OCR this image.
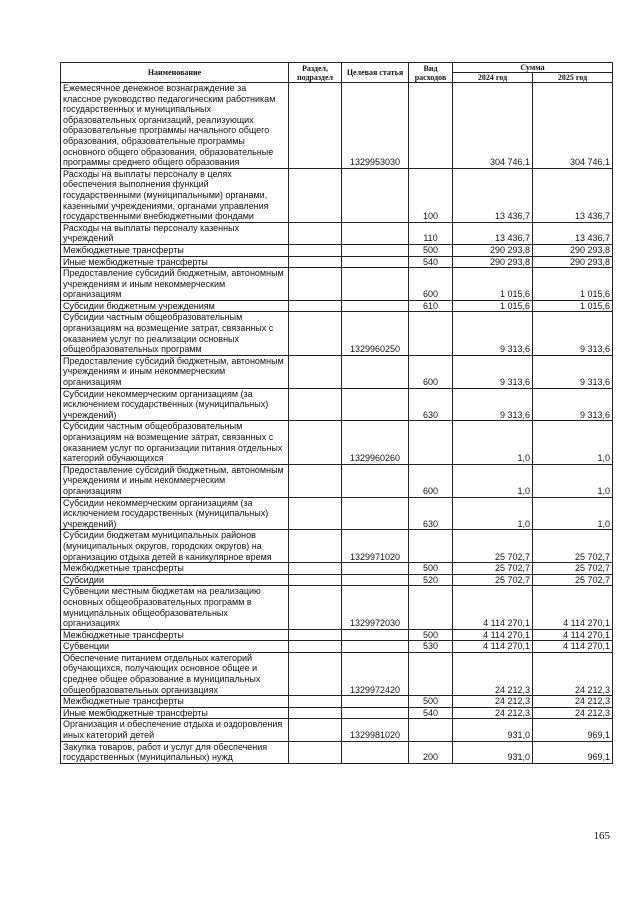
Наименование	Раздел, подраздел	Целевая статья	Вид расходов	Сумма	
				2024 год	2025 год
Ежемесячное денежное вознаграждение за классное руководство педагогическим работникам государственных и муниципальных образовательных организаций, реализующих образовательные программы начального общего образования, образовательные программы основного общего образования, образовательные программы среднего общего образования		1329953030		304 746,1	304 746,1
Расходы на выплаты персоналу в целях обеспечения выполнения функций государственными (муниципальными) органами, казенными учреждениями, органами управления государственными внебюджетными фондами			100	13 436,7	13 436,7
Расходы на выплаты персоналу казенных учреждений			110	13 436,7	13 436,7
Межбюджетные трансферты			500	290 293,8	290 293,8
Иные межбюджетные трансферты			540	290 293,8	290 293,8
Предоставление субсидий бюджетным, автономным учреждениям и иным некоммерческим организациям			600	1 015,6	1 015,6
Субсидии бюджетным учреждениям			610	1 015,6	1 015,6
Субсидии частным общеобразовательным организациям на возмещение затрат, связанных с оказанием услуг по реализации основных общеобразовательных программ		1329960250		9 313,6	9 313,6
Предоставление субсидий бюджетным, автономным учреждениям и иным некоммерческим организациям			600	9 313,6	9 313,6
Субсидии некоммерческим организациям (за исключением государственных (муниципальных) учреждений)			630	9 313,6	9 313,6
Субсидии частным общеобразовательным организациям на возмещение затрат, связанных с оказанием услуг по организации питания отдельных категорий обучающихся		1329960260		1,0	1,0
Предоставление субсидий бюджетным, автономным учреждениям и иным некоммерческим организациям			600	1,0	1,0
Субсидии некоммерческим организациям (за исключением государственных (муниципальных) учреждений)			630	1,0	1,0
Субсидии бюджетам муниципальных районов (муниципальных округов, городских округов) на организацию отдыха детей в каникулярное время		1329971020		25 702,7	25 702,7
Межбюджетные трансферты			500	25 702,7	25 702,7
Субсидии			520	25 702,7	25 702,7
Субвенции местным бюджетам на реализацию основных общеобразовательных программ в муниципальных общеобразовательных организациях		1329972030		4 114 270,1	4 114 270,1
Межбюджетные трансферты			500	4 114 270,1	4 114 270,1
Субвенции			530	4 114 270,1	4 114 270,1
Обеспечение питанием отдельных категорий обучающихся, получающих основное общее и среднее общее образование в муниципальных общеобразовательных организациях		1329972420		24 212,3	24 212,3
Межбюджетные трансферты			500	24 212,3	24 212,3
Иные межбюджетные трансферты			540	24 212,3	24 212,3
Организация и обеспечение отдыха и оздоровления иных категорий детей		1329981020		931,0	969,1
Закупка товаров, работ и услуг для обеспечения государственных (муниципальных) нужд			200	931,0	969,1
165
